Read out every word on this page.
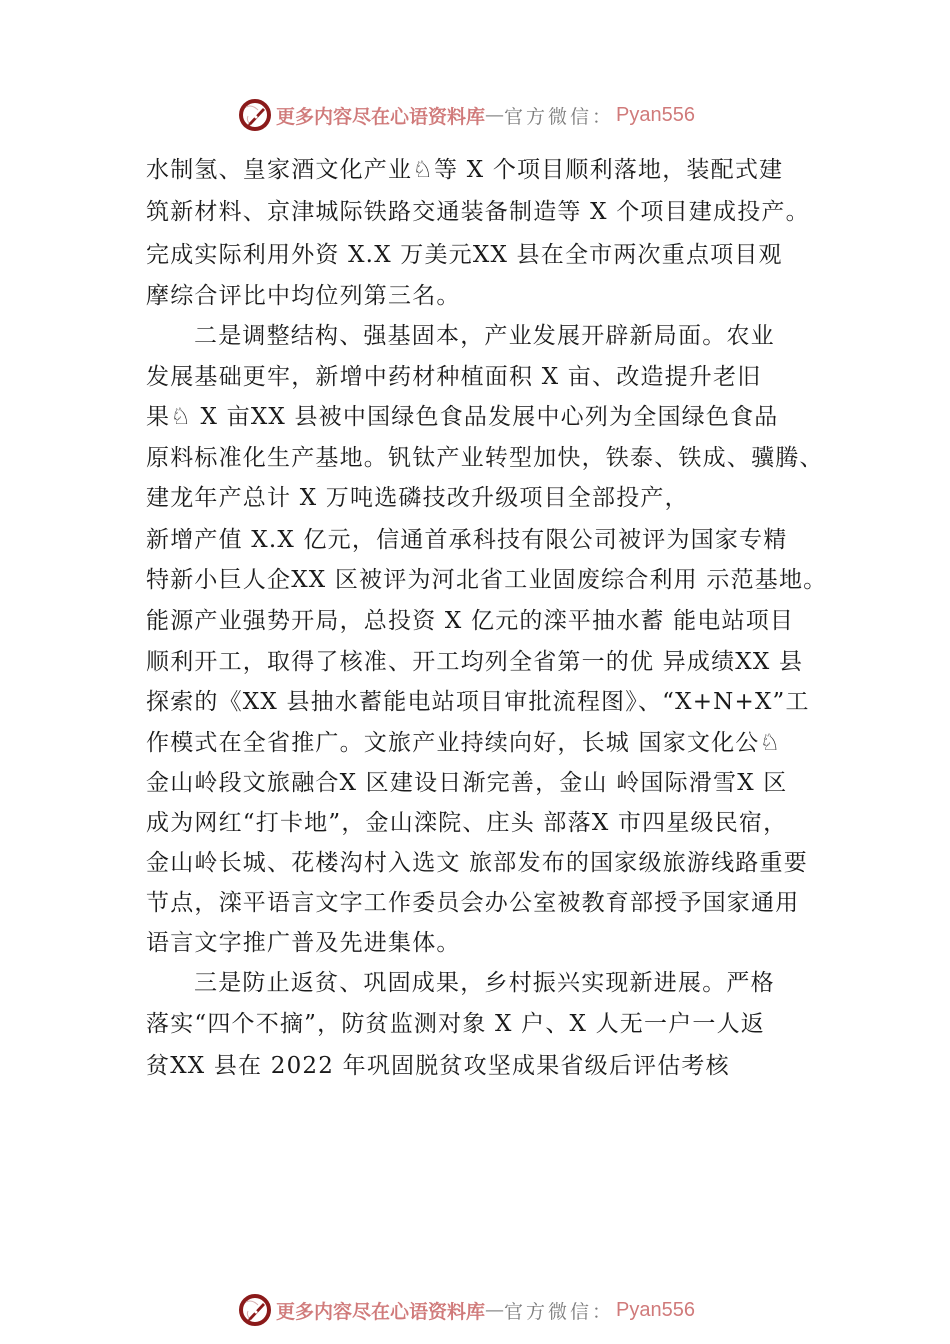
更多内容尽在心语资料库 — 官方微信： Pyan556
水制氢、皇家酒文化产业♘等 X 个项目顺利落地，装配式建
筑新材料、京津城际铁路交通装备制造等 X 个项目建成投产。
完成实际利用外资 X.X 万美元XX 县在全市两次重点项目观
摩综合评比中均位列第三名。
二是调整结构、强基固本，产业发展开辟新局面。农业
发展基础更牢，新增中药材种植面积 X 亩、改造提升老旧
果♘ X 亩XX 县被中国绿色食品发展中心列为全国绿色食品
原料标准化生产基地。钒钛产业转型加快，铁泰、铁成、骥腾、
建龙年产总计 X 万吨选磷技改升级项目全部投产，
新增产值 X.X 亿元，信通首承科技有限公司被评为国家专精
特新小巨人企XX 区被评为河北省工业固废综合利用 示范基地。
能源产业强势开局，总投资 X 亿元的滦平抽水蓄 能电站项目
顺利开工，取得了核准、开工均列全省第一的优 异成绩XX 县
探索的《XX 县抽水蓄能电站项目审批流程图》、“X+N+X”工
作模式在全省推广。文旅产业持续向好，长城 国家文化公♘
金山岭段文旅融合X 区建设日渐完善，金山 岭国际滑雪X 区
成为网红“打卡地”，金山滦院、庄头 部落X 市四星级民宿，
金山岭长城、花楼沟村入选文 旅部发布的国家级旅游线路重要
节点，滦平语言文字工作委员会办公室被教育部授予国家通用
语言文字推广普及先进集体。
三是防止返贫、巩固成果，乡村振兴实现新进展。严格
落实“四个不摘”，防贫监测对象 X 户、X 人无一户一人返
贫XX 县在 2022 年巩固脱贫攻坚成果省级后评估考核
更多内容尽在心语资料库 — 官方微信： Pyan556
